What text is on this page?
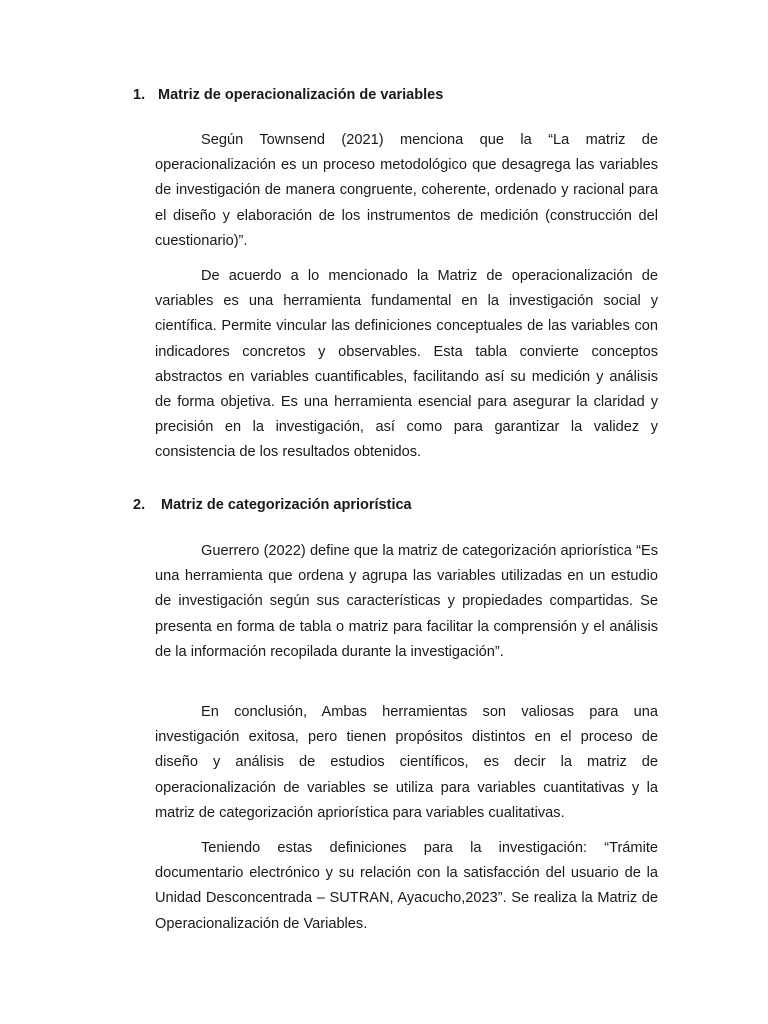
1. Matriz de operacionalización de variables

Según Townsend (2021) menciona que la “La matriz de operacionalización es un proceso metodológico que desagrega las variables de investigación de manera congruente, coherente, ordenado y racional para el diseño y elaboración de los instrumentos de medición (construcción del cuestionario)”.

De acuerdo a lo mencionado la Matriz de operacionalización de variables es una herramienta fundamental en la investigación social y científica. Permite vincular las definiciones conceptuales de las variables con indicadores concretos y observables. Esta tabla convierte conceptos abstractos en variables cuantificables, facilitando así su medición y análisis de forma objetiva. Es una herramienta esencial para asegurar la claridad y precisión en la investigación, así como para garantizar la validez y consistencia de los resultados obtenidos.

2. Matriz de categorización apriorística

Guerrero (2022) define que la matriz de categorización apriorística “Es una herramienta que ordena y agrupa las variables utilizadas en un estudio de investigación según sus características y propiedades compartidas. Se presenta en forma de tabla o matriz para facilitar la comprensión y el análisis de la información recopilada durante la investigación”.

En conclusión, Ambas herramientas son valiosas para una investigación exitosa, pero tienen propósitos distintos en el proceso de diseño y análisis de estudios científicos, es decir la matriz de operacionalización de variables se utiliza para variables cuantitativas y la matriz de categorización apriorística para variables cualitativas.

Teniendo estas definiciones para la investigación: “Trámite documentario electrónico y su relación con la satisfacción del usuario de la Unidad Desconcentrada – SUTRAN, Ayacucho,2023”. Se realiza la Matriz de Operacionalización de Variables.
